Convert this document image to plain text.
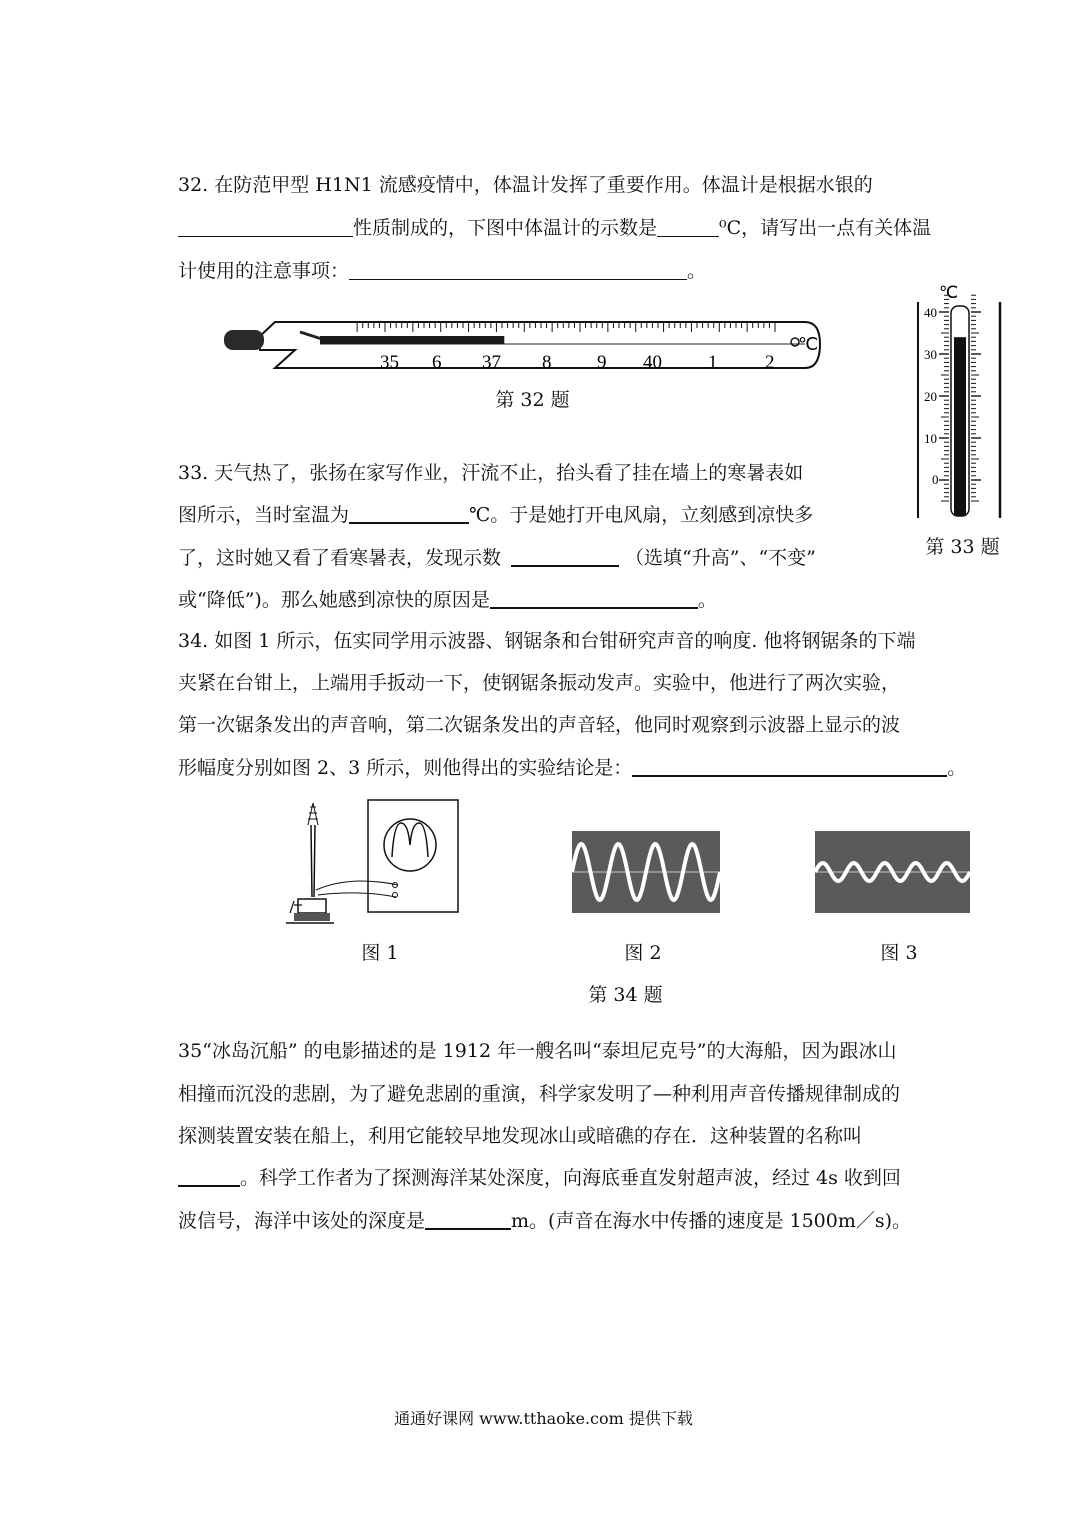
32. 在防范甲型 H1N1 流感疫情中，体温计发挥了重要作用。体温计是根据水银的
性质制成的，下图中体温计的示数是	⁰C，请写出一点有关体温
计使用的注意事项：	。
35 6 37 8 9 40 1	2
℃
第 32 题
33. 天气热了，张扬在家写作业，汗流不止，抬头看了挂在墙上的寒暑表如
图所示，当时室温为	℃。于是她打开电风扇，立刻感到凉快多
了，这时她又看了看寒暑表，发现示数	（选填“升高”、“不变”
或“降低”)。那么她感到凉快的原因是	。
℃
40
30
20
10
0
第 33 题
34. 如图 1 所示，伍实同学用示波器、钢锯条和台钳研究声音的响度. 他将钢锯条的下端
夹紧在台钳上，上端用手扳动一下，使钢锯条振动发声。实验中，他进行了两次实验，
第一次锯条发出的声音响，第二次锯条发出的声音轻，他同时观察到示波器上显示的波
形幅度分别如图 2、3 所示，则他得出的实验结论是：	。
图 1	图 2	图 3
第 34 题
35“冰岛沉船” 的电影描述的是 1912 年一艘名叫“泰坦尼克号”的大海船，因为跟冰山
相撞而沉没的悲剧，为了避免悲剧的重演，科学家发明了—种利用声音传播规律制成的
探测装置安装在船上，利用它能较早地发现冰山或暗礁的存在．这种装置的名称叫
。科学工作者为了探测海洋某处深度，向海底垂直发射超声波，经过 4s 收到回
波信号，海洋中该处的深度是	m。(声音在海水中传播的速度是 1500m／s)。
通通好课网 www.tthaoke.com 提供下载
